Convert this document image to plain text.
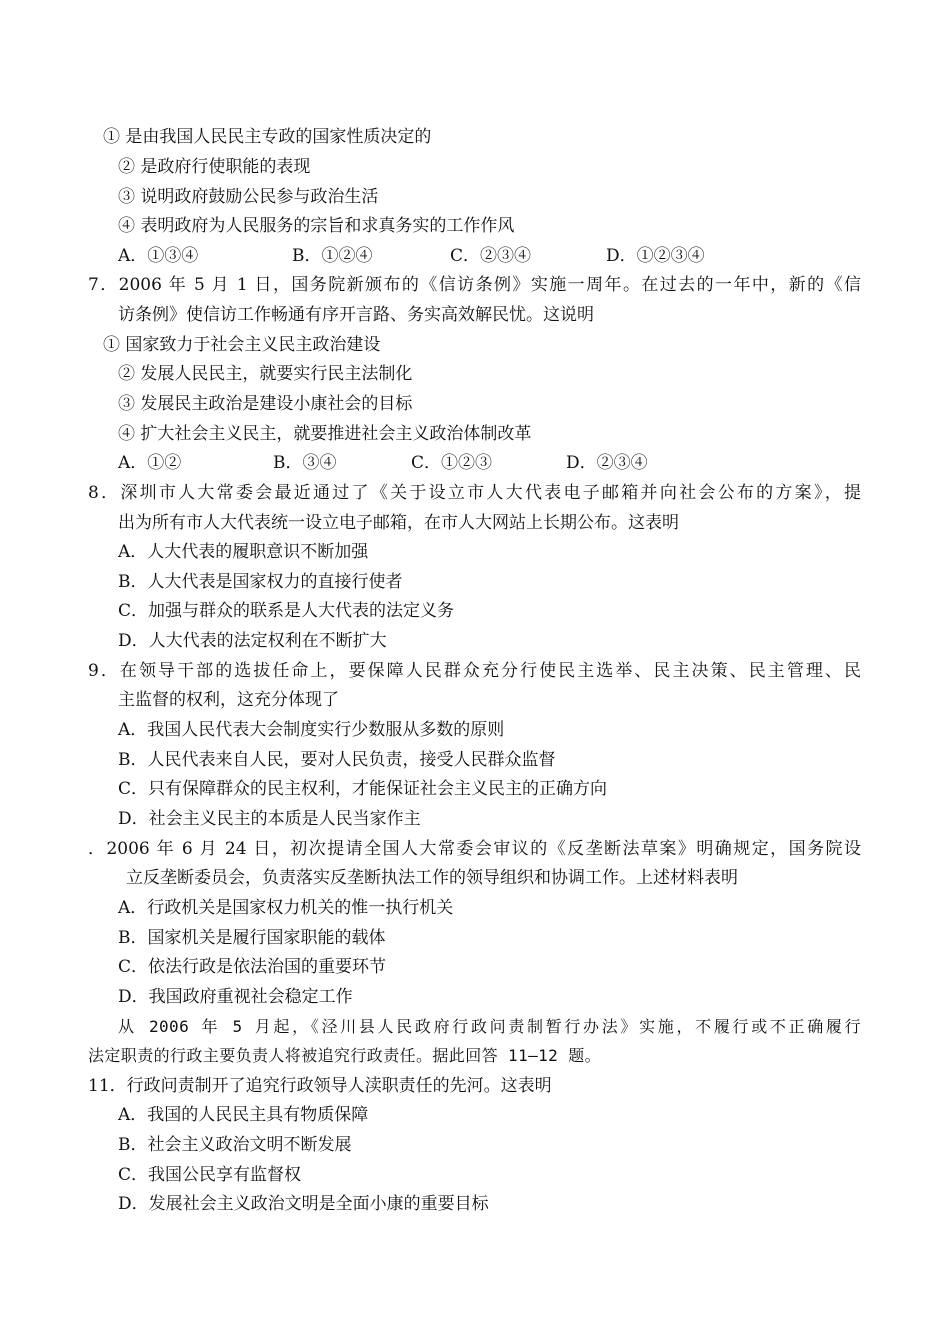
① 是由我国人民民主专政的国家性质决定的
② 是政府行使职能的表现
③ 说明政府鼓励公民参与政治生活
④ 表明政府为人民服务的宗旨和求真务实的工作作风
A．①③④	B．①②④	C．②③④	D．①②③④
7．2006 年 5 月 1 日，国务院新颁布的《信访条例》实施一周年。在过去的一年中，新的《信
访条例》使信访工作畅通有序开言路、务实高效解民忧。这说明
① 国家致力于社会主义民主政治建设
② 发展人民民主，就要实行民主法制化
③ 发展民主政治是建设小康社会的目标
④ 扩大社会主义民主，就要推进社会主义政治体制改革
A．①②	B．③④	C．①②③	D．②③④
8．深圳市人大常委会最近通过了《关于设立市人大代表电子邮箱并向社会公布的方案》，提
出为所有市人大代表统一设立电子邮箱，在市人大网站上长期公布。这表明
A．人大代表的履职意识不断加强
B．人大代表是国家权力的直接行使者
C．加强与群众的联系是人大代表的法定义务
D．人大代表的法定权利在不断扩大
9．在领导干部的选拔任命上，要保障人民群众充分行使民主选举、民主决策、民主管理、民
主监督的权利，这充分体现了
A．我国人民代表大会制度实行少数服从多数的原则
B．人民代表来自人民，要对人民负责，接受人民群众监督
C．只有保障群众的民主权利，才能保证社会主义民主的正确方向
D．社会主义民主的本质是人民当家作主
．2006 年 6 月 24 日，初次提请全国人大常委会审议的《反垄断法草案》明确规定，国务院设
立反垄断委员会，负责落实反垄断执法工作的领导组织和协调工作。上述材料表明
A．行政机关是国家权力机关的惟一执行机关
B．国家机关是履行国家职能的载体
C．依法行政是依法治国的重要环节
D．我国政府重视社会稳定工作
从 2006 年 5 月起，《泾川县人民政府行政问责制暂行办法》实施，不履行或不正确履行
法定职责的行政主要负责人将被追究行政责任。据此回答 11—12 题。
11．行政问责制开了追究行政领导人渎职责任的先河。这表明
A．我国的人民民主具有物质保障
B．社会主义政治文明不断发展
C．我国公民享有监督权
D．发展社会主义政治文明是全面小康的重要目标
